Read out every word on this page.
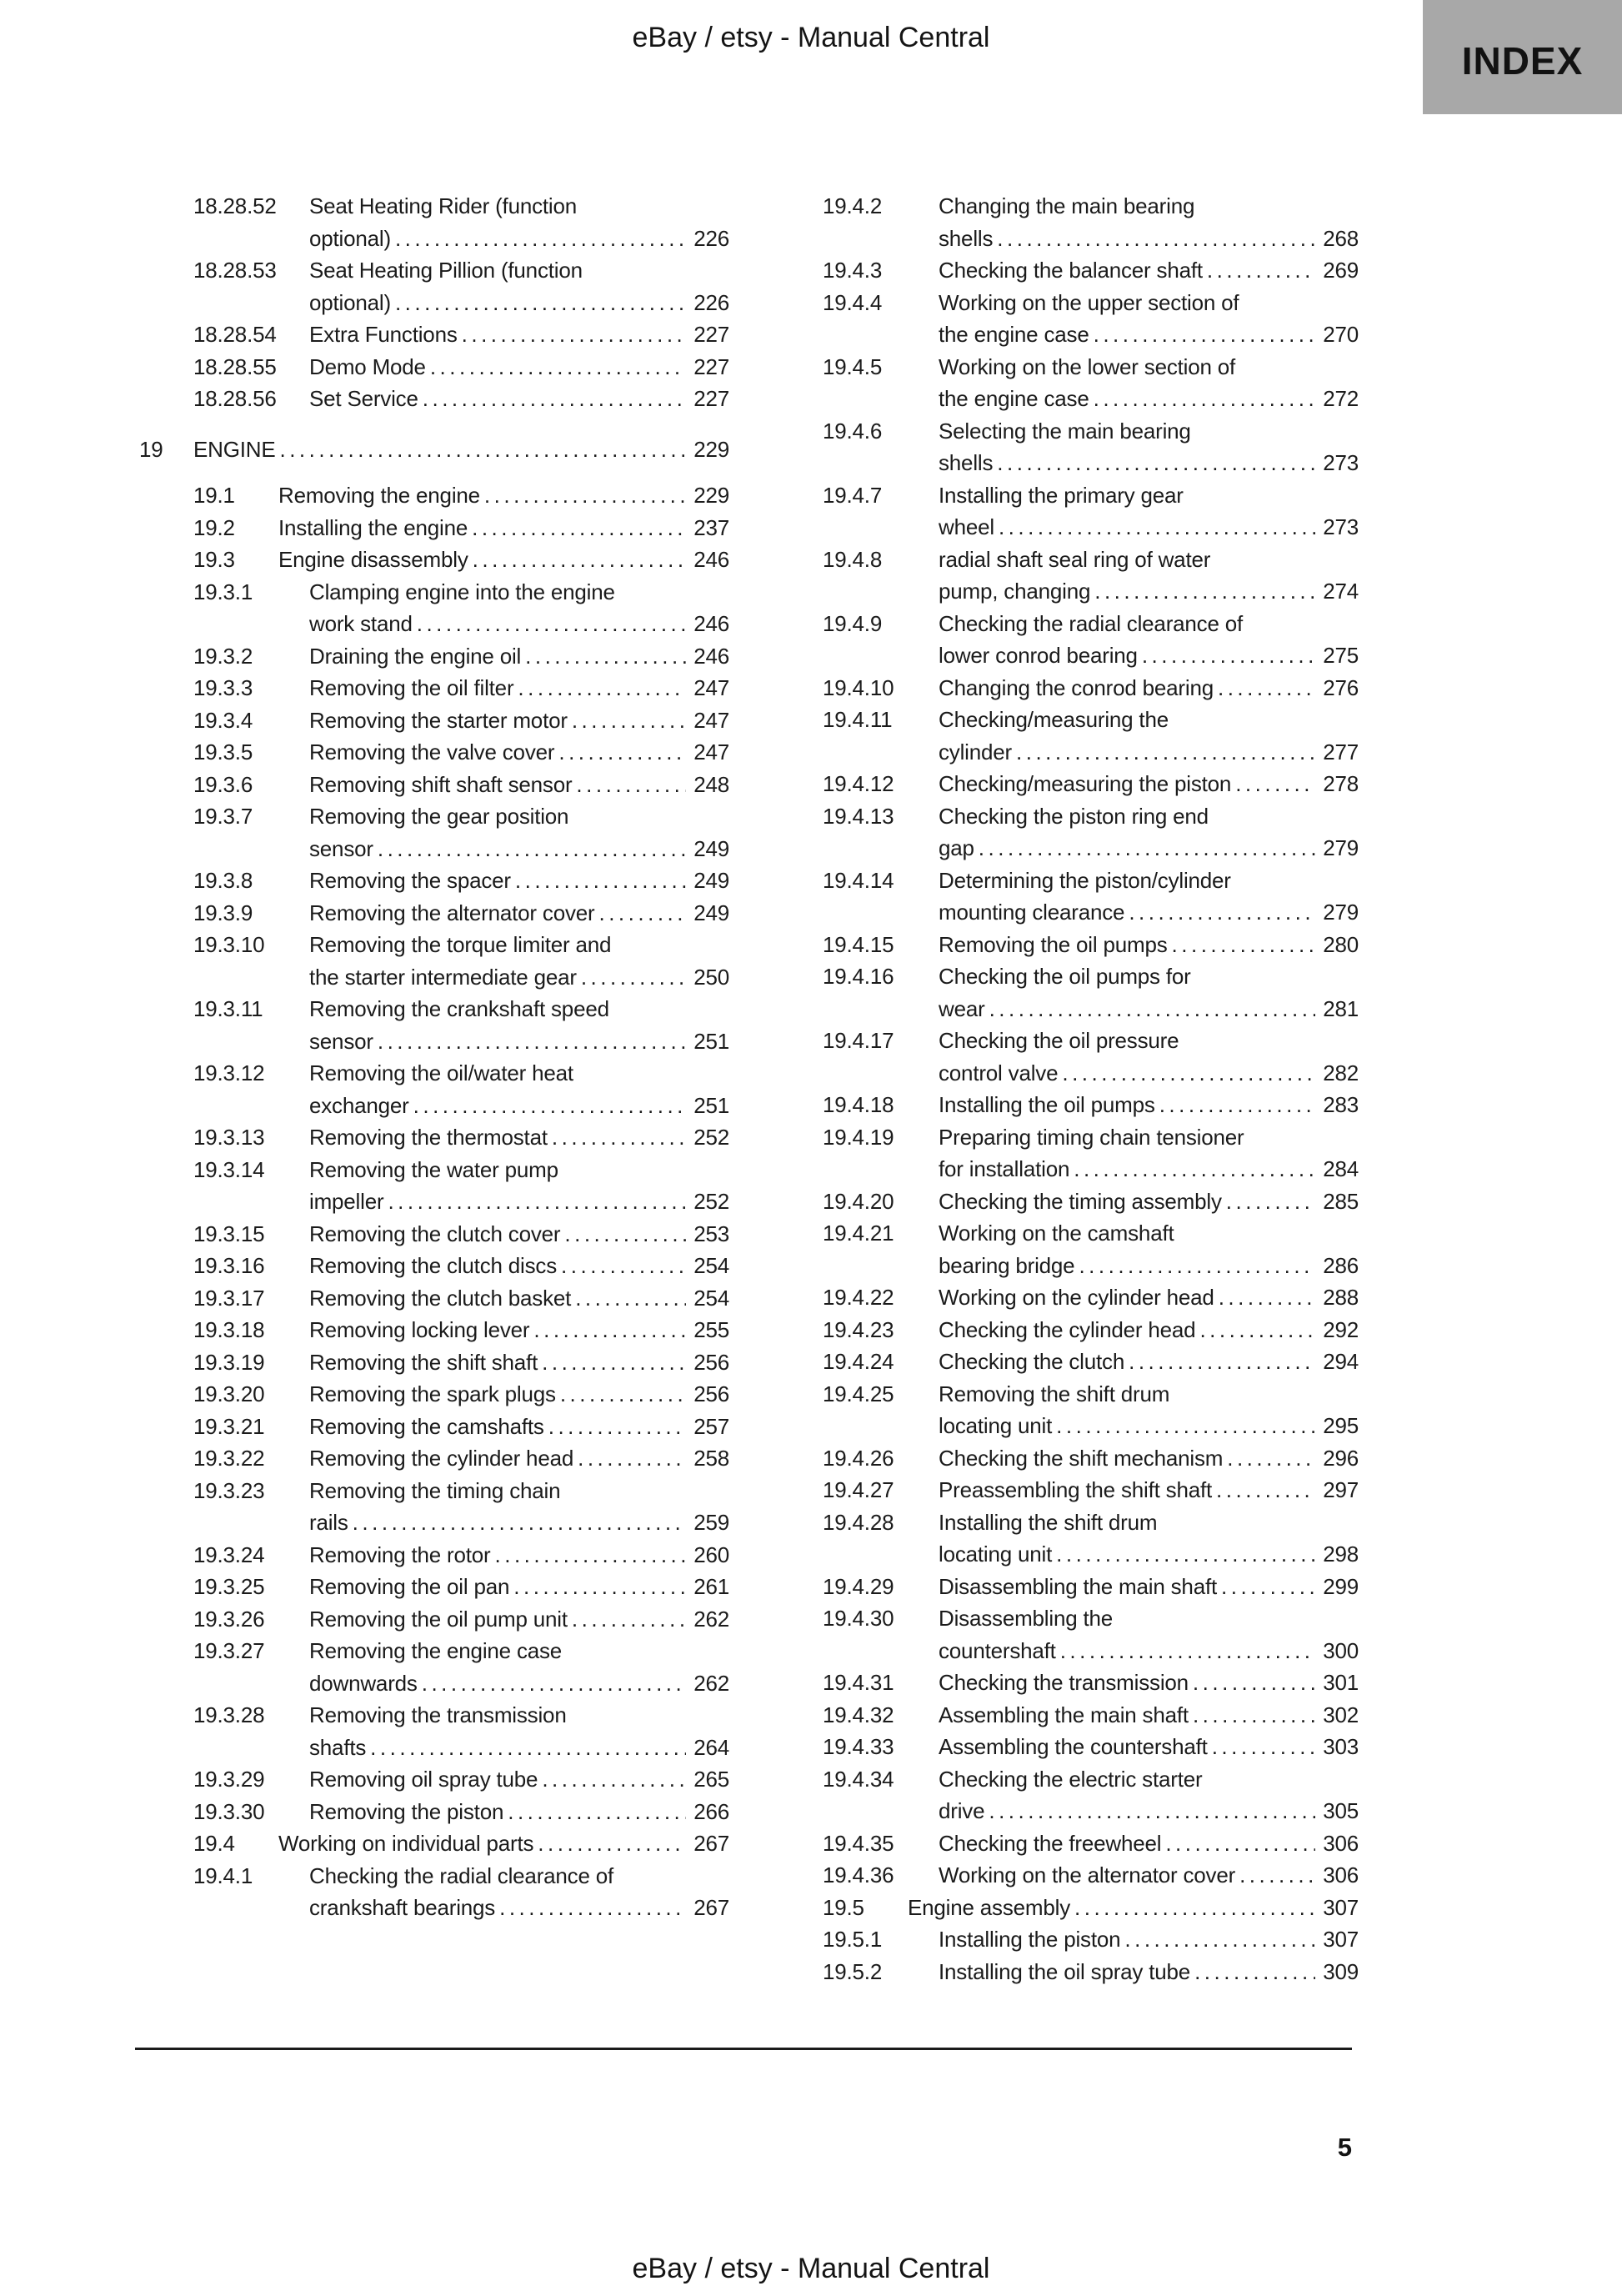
eBay / etsy - Manual Central
INDEX
18.28.52	Seat Heating Rider (function
optional) .....	226
18.28.53	Seat Heating Pillion (function
optional) .....	226
18.28.54	Extra Functions .....	227
18.28.55	Demo Mode .....	227
18.28.56	Set Service .....	227
19	ENGINE .....	229
19.1	Removing the engine .....	229
19.2	Installing the engine .....	237
19.3	Engine disassembly .....	246
19.3.1	Clamping engine into the engine
work stand .....	246
19.3.2	Draining the engine oil .....	246
19.3.3	Removing the oil filter .....	247
19.3.4	Removing the starter motor .....	247
19.3.5	Removing the valve cover .....	247
19.3.6	Removing shift shaft sensor .....	248
19.3.7	Removing the gear position
sensor .....	249
19.3.8	Removing the spacer .....	249
19.3.9	Removing the alternator cover .....	249
19.3.10	Removing the torque limiter and
the starter intermediate gear .....	250
19.3.11	Removing the crankshaft speed
sensor .....	251
19.3.12	Removing the oil/water heat
exchanger .....	251
19.3.13	Removing the thermostat .....	252
19.3.14	Removing the water pump
impeller .....	252
19.3.15	Removing the clutch cover .....	253
19.3.16	Removing the clutch discs .....	254
19.3.17	Removing the clutch basket .....	254
19.3.18	Removing locking lever .....	255
19.3.19	Removing the shift shaft .....	256
19.3.20	Removing the spark plugs .....	256
19.3.21	Removing the camshafts .....	257
19.3.22	Removing the cylinder head .....	258
19.3.23	Removing the timing chain
rails .....	259
19.3.24	Removing the rotor .....	260
19.3.25	Removing the oil pan .....	261
19.3.26	Removing the oil pump unit .....	262
19.3.27	Removing the engine case
downwards .....	262
19.3.28	Removing the transmission
shafts .....	264
19.3.29	Removing oil spray tube .....	265
19.3.30	Removing the piston .....	266
19.4	Working on individual parts .....	267
19.4.1	Checking the radial clearance of
crankshaft bearings .....	267
19.4.2	Changing the main bearing
shells .....	268
19.4.3	Checking the balancer shaft .....	269
19.4.4	Working on the upper section of
the engine case .....	270
19.4.5	Working on the lower section of
the engine case .....	272
19.4.6	Selecting the main bearing
shells .....	273
19.4.7	Installing the primary gear
wheel .....	273
19.4.8	radial shaft seal ring of water
pump, changing .....	274
19.4.9	Checking the radial clearance of
lower conrod bearing .....	275
19.4.10	Changing the conrod bearing .....	276
19.4.11	Checking/measuring the
cylinder .....	277
19.4.12	Checking/measuring the piston .....	278
19.4.13	Checking the piston ring end
gap .....	279
19.4.14	Determining the piston/cylinder
mounting clearance .....	279
19.4.15	Removing the oil pumps .....	280
19.4.16	Checking the oil pumps for
wear .....	281
19.4.17	Checking the oil pressure
control valve .....	282
19.4.18	Installing the oil pumps .....	283
19.4.19	Preparing timing chain tensioner
for installation .....	284
19.4.20	Checking the timing assembly .....	285
19.4.21	Working on the camshaft
bearing bridge .....	286
19.4.22	Working on the cylinder head .....	288
19.4.23	Checking the cylinder head .....	292
19.4.24	Checking the clutch .....	294
19.4.25	Removing the shift drum
locating unit .....	295
19.4.26	Checking the shift mechanism .....	296
19.4.27	Preassembling the shift shaft .....	297
19.4.28	Installing the shift drum
locating unit .....	298
19.4.29	Disassembling the main shaft .....	299
19.4.30	Disassembling the
countershaft .....	300
19.4.31	Checking the transmission .....	301
19.4.32	Assembling the main shaft .....	302
19.4.33	Assembling the countershaft .....	303
19.4.34	Checking the electric starter
drive .....	305
19.4.35	Checking the freewheel .....	306
19.4.36	Working on the alternator cover .....	306
19.5	Engine assembly .....	307
19.5.1	Installing the piston .....	307
19.5.2	Installing the oil spray tube .....	309
5
eBay / etsy - Manual Central
